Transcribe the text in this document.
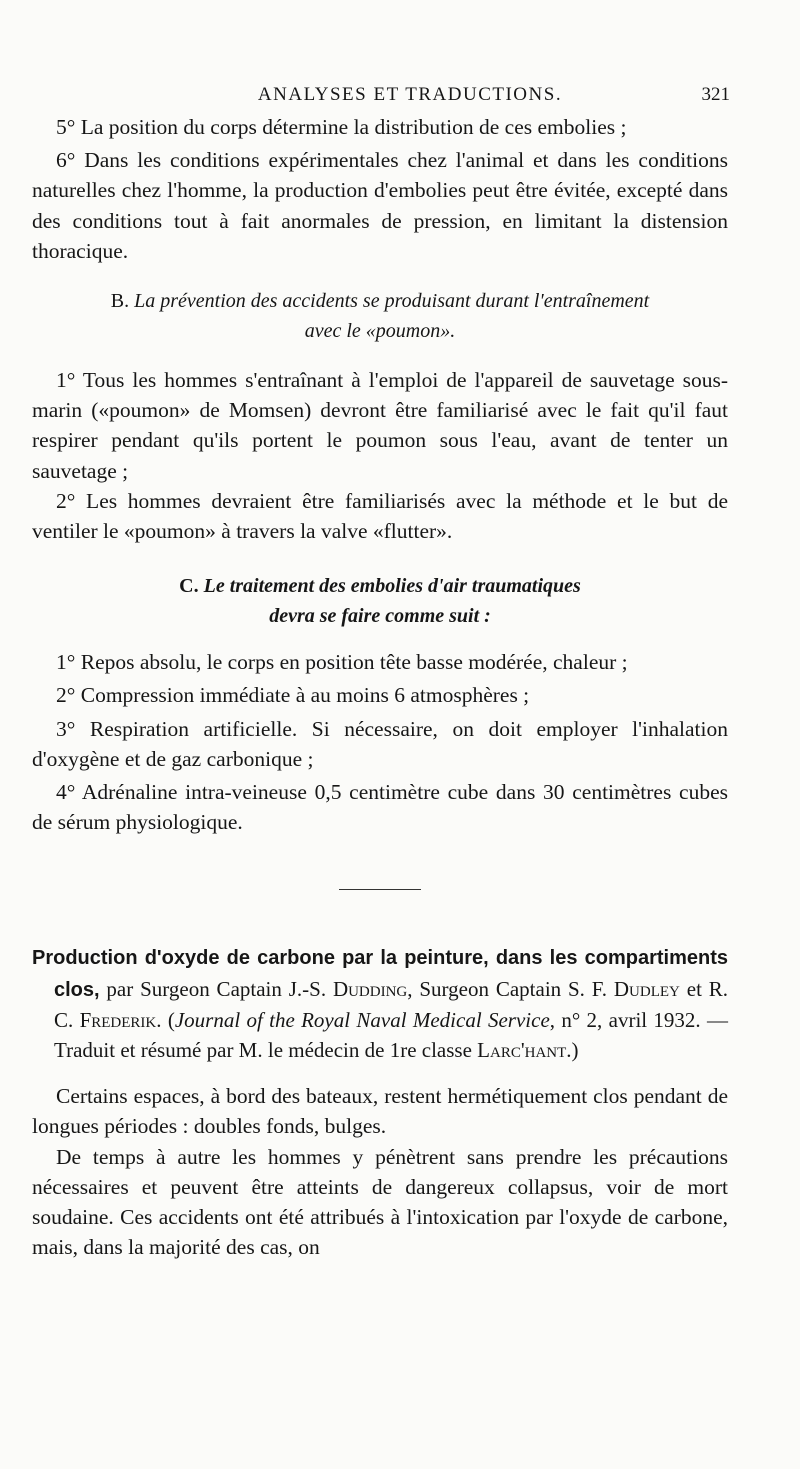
ANALYSES ET TRADUCTIONS.	321

5° La position du corps détermine la distribution de ces embolies ;

6° Dans les conditions expérimentales chez l'animal et dans les conditions naturelles chez l'homme, la production d'embolies peut être évitée, excepté dans des conditions tout à fait anormales de pression, en limitant la distension thoracique.

B. La prévention des accidents se produisant durant l'entraînement

avec le «poumon».

1° Tous les hommes s'entraînant à l'emploi de l'appareil de sauvetage sous-marin («poumon» de Momsen) devront être familiarisé avec le fait qu'il faut respirer pendant qu'ils portent le poumon sous l'eau, avant de tenter un sauvetage ;

2° Les hommes devraient être familiarisés avec la méthode et le but de ventiler le «poumon» à travers la valve «flutter».

C. Le traitement des embolies d'air traumatiques

devra se faire comme suit :

1° Repos absolu, le corps en position tête basse modérée, chaleur ;

2° Compression immédiate à au moins 6 atmosphères ;

3° Respiration artificielle. Si nécessaire, on doit employer l'inhalation d'oxygène et de gaz carbonique ;

4° Adrénaline intra-veineuse 0,5 centimètre cube dans 30 centimètres cubes de sérum physiologique.

Production d'oxyde de carbone par la peinture, dans les compartiments clos, par Surgeon Captain J.-S. Dudding, Surgeon Captain S. F. Dudley et R. C. Frederik. (Journal of the Royal Naval Medical Service, n° 2, avril 1932. — Traduit et résumé par M. le médecin de 1re classe Larc'hant.)

Certains espaces, à bord des bateaux, restent hermétiquement clos pendant de longues périodes : doubles fonds, bulges.

De temps à autre les hommes y pénètrent sans prendre les précautions nécessaires et peuvent être atteints de dangereux collapsus, voir de mort soudaine. Ces accidents ont été attribués à l'intoxication par l'oxyde de carbone, mais, dans la majorité des cas, on
